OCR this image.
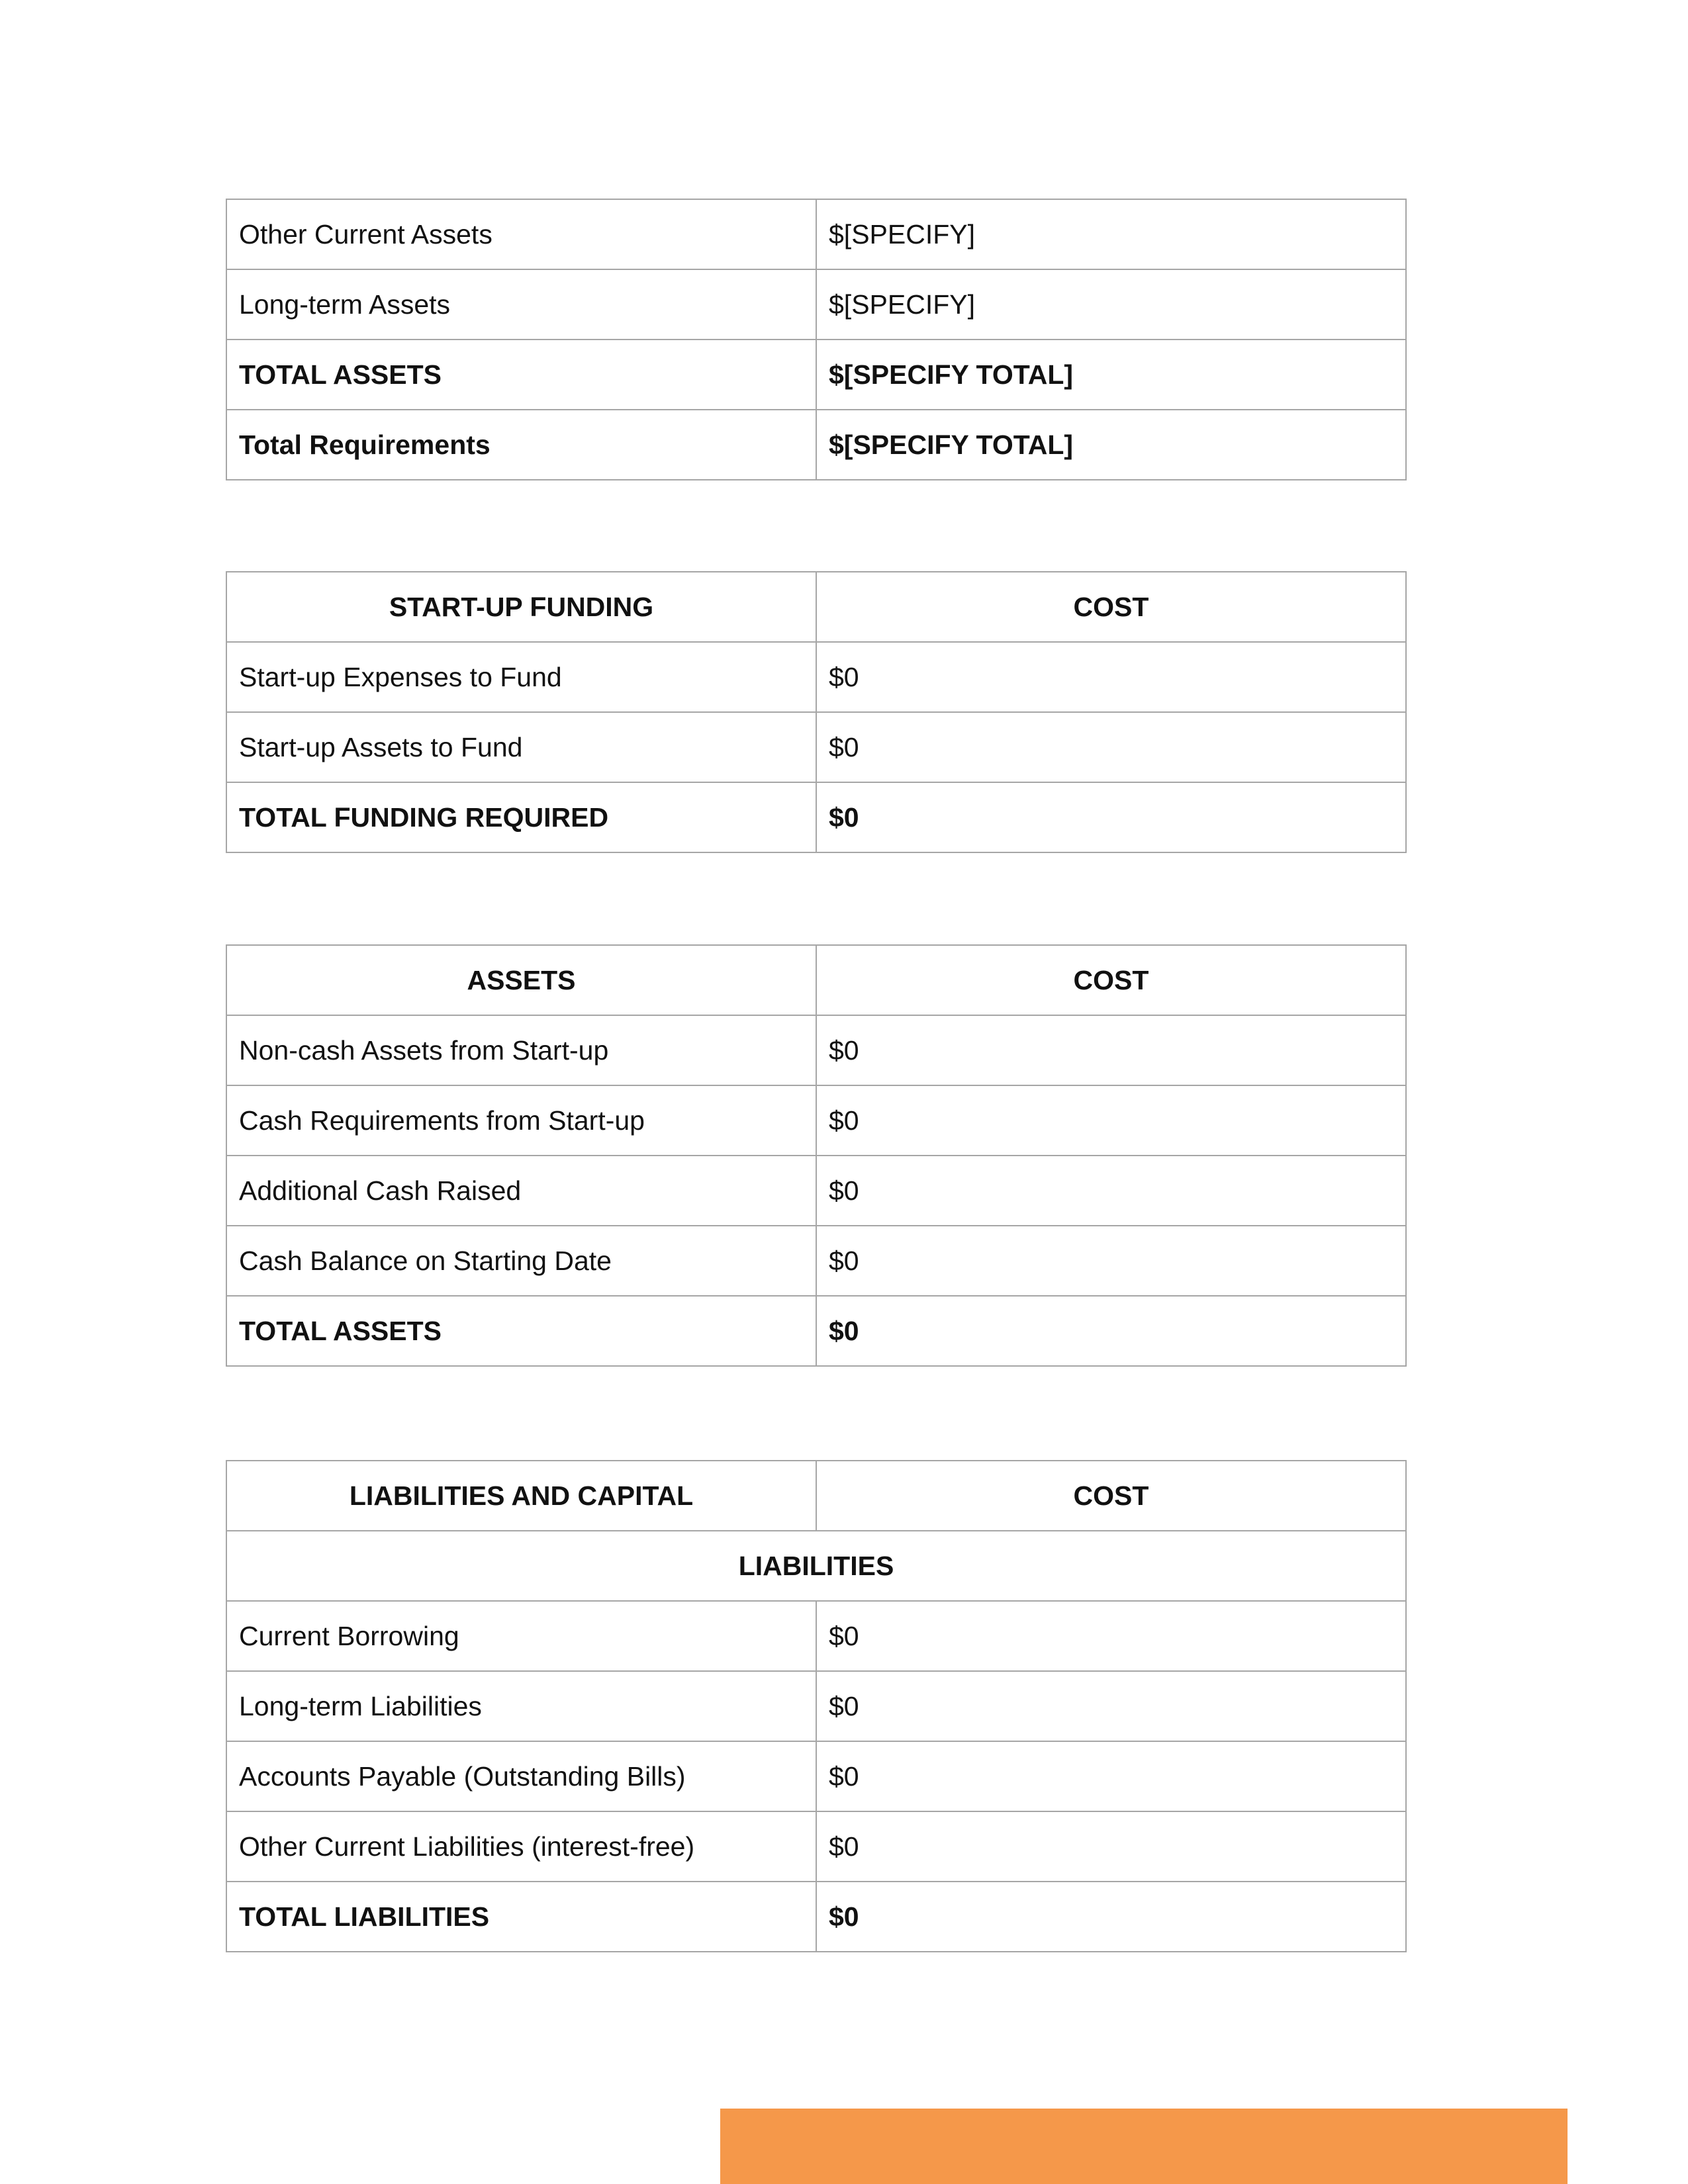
Other Current Assets	$[SPECIFY]
Long-term Assets	$[SPECIFY]
TOTAL ASSETS	$[SPECIFY TOTAL]
Total Requirements	$[SPECIFY TOTAL]
START-UP FUNDING	COST
Start-up Expenses to Fund	$0
Start-up Assets to Fund	$0
TOTAL FUNDING REQUIRED	$0
ASSETS	COST
Non-cash Assets from Start-up	$0
Cash Requirements from Start-up	$0
Additional Cash Raised	$0
Cash Balance on Starting Date	$0
TOTAL ASSETS	$0
LIABILITIES AND CAPITAL	COST
LIABILITIES	
Current Borrowing	$0
Long-term Liabilities	$0
Accounts Payable (Outstanding Bills)	$0
Other Current Liabilities (interest-free)	$0
TOTAL LIABILITIES	$0
